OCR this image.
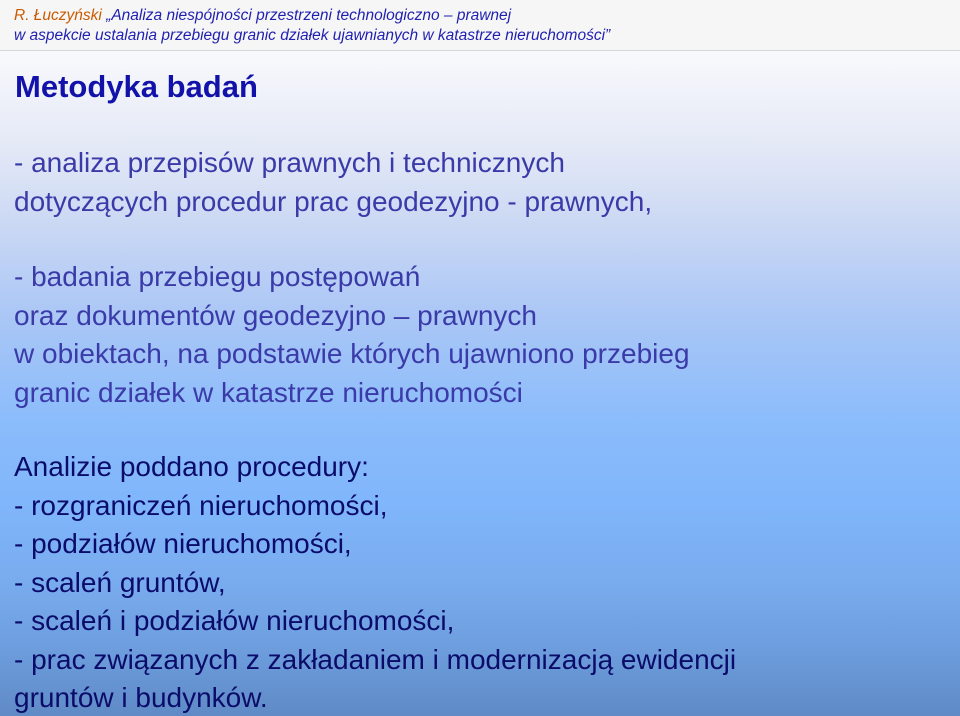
R. Łuczyński „Analiza niespójności przestrzeni technologiczno – prawnej
w aspekcie ustalania przebiegu granic działek ujawnianych w katastrze nieruchomości”
Metodyka badań
- analiza przepisów prawnych i technicznych
dotyczących procedur prac geodezyjno - prawnych,
- badania przebiegu postępowań
oraz dokumentów geodezyjno – prawnych
w obiektach, na podstawie których ujawniono przebieg
granic działek w katastrze nieruchomości
Analizie poddano procedury:
- rozgraniczeń nieruchomości,
- podziałów nieruchomości,
- scaleń gruntów,
- scaleń i podziałów nieruchomości,
- prac związanych z zakładaniem i modernizacją ewidencji
gruntów i budynków.
